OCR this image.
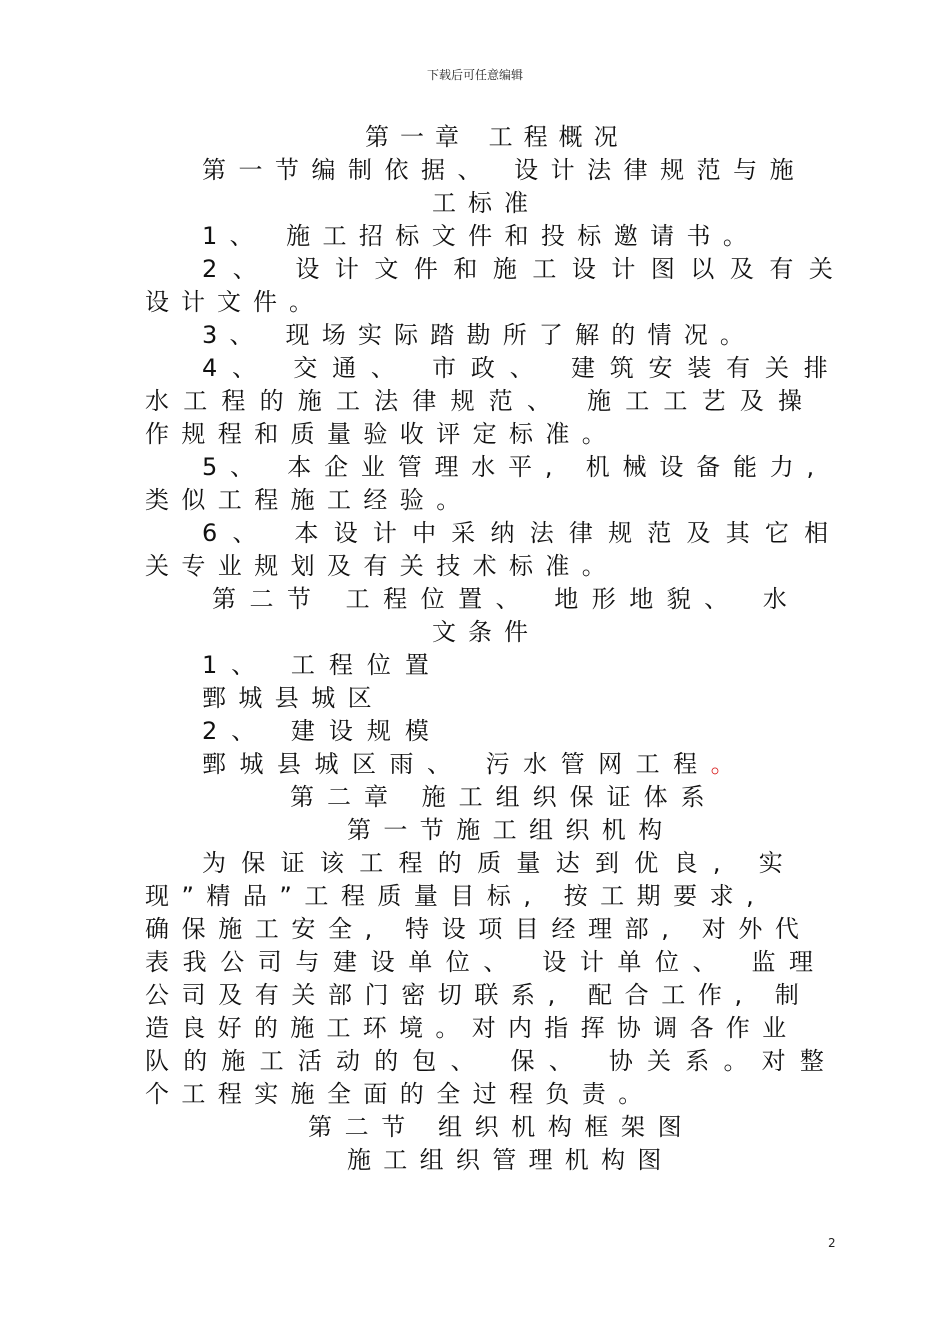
下载后可任意编辑
第一章 工程概况
第一节编制依据、 设计法律规范与施
工标准
1、 施工招标文件和投标邀请书。
2、 设计文件和施工设计图以及有关
设计文件。
3、 现场实际踏勘所了解的情况。
4、 交通、 市政、 建筑安装有关排
水工程的施工法律规范、 施工工艺及操
作规程和质量验收评定标准。
5、 本企业管理水平, 机械设备能力,
类似工程施工经验。
6、 本设计中采纳法律规范及其它相
关专业规划及有关技术标准。
第二节 工程位置、 地形地貌、 水
文条件
1、 工程位置
鄄城县城区
2、 建设规模
鄄城县城区雨、 污水管网工程。
第二章 施工组织保证体系
第一节施工组织机构
为保证该工程的质量达到优良, 实
现”精品”工程质量目标, 按工期要求,
确保施工安全, 特设项目经理部, 对外代
表我公司与建设单位、 设计单位、 监理
公司及有关部门密切联系, 配合工作, 制
造良好的施工环境。对内指挥协调各作业
队的施工活动的包、 保、 协关系。对整
个工程实施全面的全过程负责。
第二节 组织机构框架图
施工组织管理机构图
2
